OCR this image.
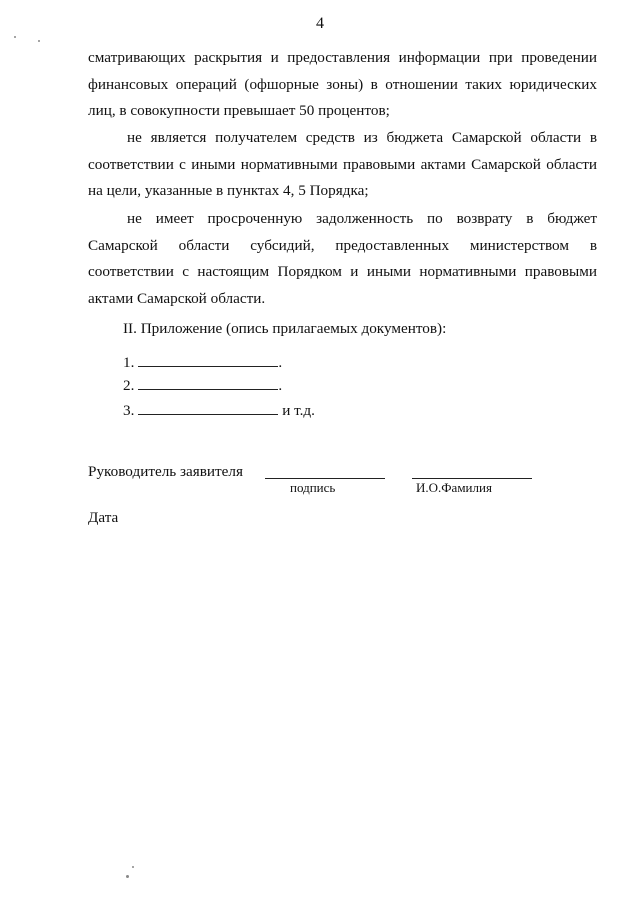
4

сматривающих раскрытия и предоставления информации при проведении финансовых операций (офшорные зоны) в отношении таких юридических лиц, в совокупности превышает 50 процентов;

не является получателем средств из бюджета Самарской области в соответствии с иными нормативными правовыми актами Самарской области на цели, указанные в пунктах 4, 5 Порядка;

не имеет просроченную задолженность по возврату в бюджет Самарской области субсидий, предоставленных министерством в соответствии с настоящим Порядком и иными нормативными правовыми актами Самарской области.

II. Приложение (опись прилагаемых документов):
1.	.
2.	.
3.	и т.д.
Руководитель заявителя
подпись	И.О.Фамилия
Дата
